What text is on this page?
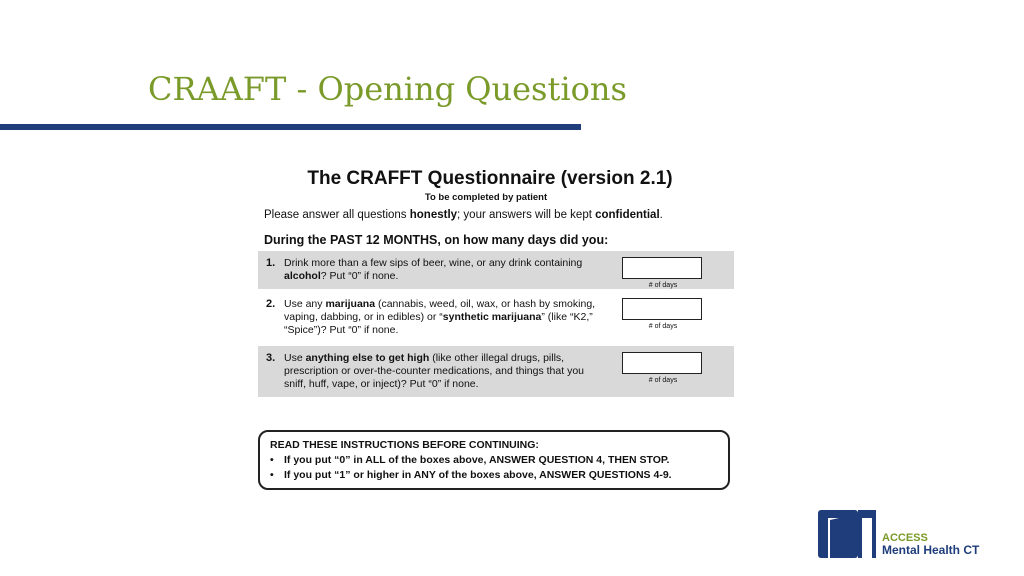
CRAAFT - Opening Questions
The CRAFFT Questionnaire (version 2.1)
To be completed by patient
Please answer all questions honestly; your answers will be kept confidential.
During the PAST 12 MONTHS, on how many days did you:
1. Drink more than a few sips of beer, wine, or any drink containing alcohol? Put “0” if none.
# of days
2. Use any marijuana (cannabis, weed, oil, wax, or hash by smoking, vaping, dabbing, or in edibles) or “synthetic marijuana” (like “K2,” “Spice”)? Put “0” if none.	# of days
3. Use anything else to get high (like other illegal drugs, pills, prescription or over-the-counter medications, and things that you sniff, huff, vape, or inject)? Put “0” if none.	# of days
READ THESE INSTRUCTIONS BEFORE CONTINUING:
• If you put “0” in ALL of the boxes above, ANSWER QUESTION 4, THEN STOP.
• If you put “1” or higher in ANY of the boxes above, ANSWER QUESTIONS 4-9.
ACCESS
Mental Health CT
